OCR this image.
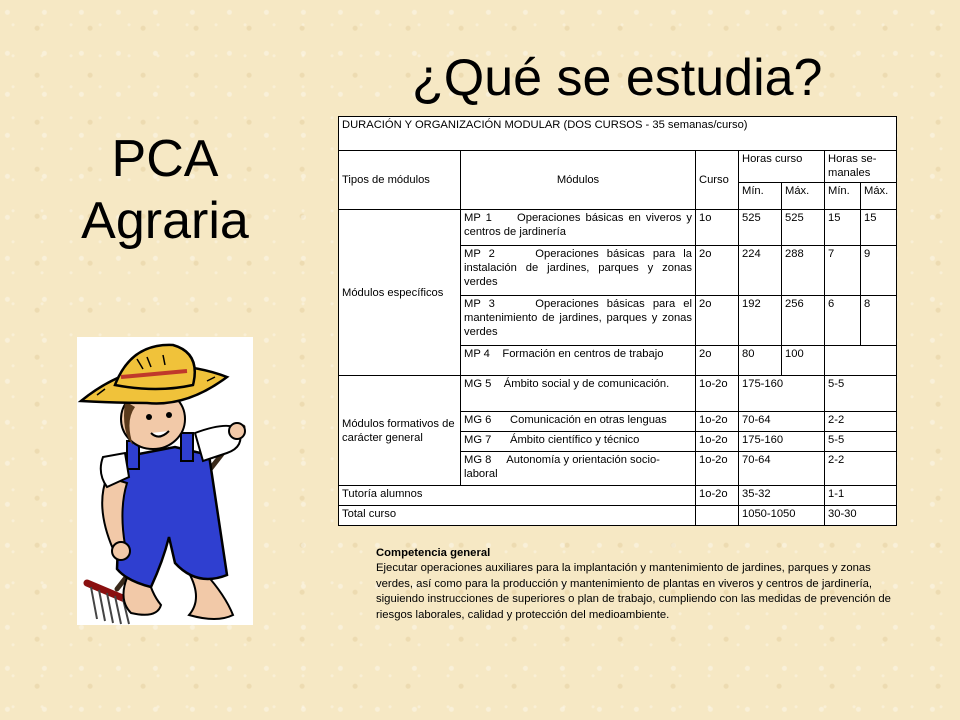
¿Qué se estudia?
PCA
Agraria
DURACIÓN Y ORGANIZACIÓN MODULAR (DOS CURSOS - 35 semanas/curso)						
Tipos de módulos	Módulos	Curso	Horas curso		Horas se-manales	
			Mín.	Máx.	Mín.	Máx.
Módulos específicos	MP 1 Operaciones básicas en viveros y centros de jardinería	1o	525	525	15	15
	MP 2 Operaciones básicas para la instalación de jardines, parques y zonas verdes	2o	224	288	7	9
	MP 3 Operaciones básicas para el mantenimiento de jardines, parques y zonas verdes	2o	192	256	6	8
	MP 4 Formación en centros de trabajo	2o	80	100		
Módulos formativos de carácter general	MG 5 Ámbito social y de comunicación.	1o-2o	175-160		5-5	
	MG 6 Comunicación en otras lenguas	1o-2o	70-64		2-2	
	MG 7 Ámbito científico y técnico	1o-2o	175-160		5-5	
	MG 8 Autonomía y orientación socio-laboral	1o-2o	70-64		2-2	
Tutoría alumnos		1o-2o	35-32		1-1	
Total curso			1050-1050		30-30	
Competencia general
Ejecutar operaciones auxiliares para la implantación y mantenimiento de jardines, parques y zonas verdes, así como para la producción y mantenimiento de plantas en viveros y centros de jardinería, siguiendo instrucciones de superiores o plan de trabajo, cumpliendo con las medidas de prevención de riesgos laborales, calidad y protección del medioambiente.
